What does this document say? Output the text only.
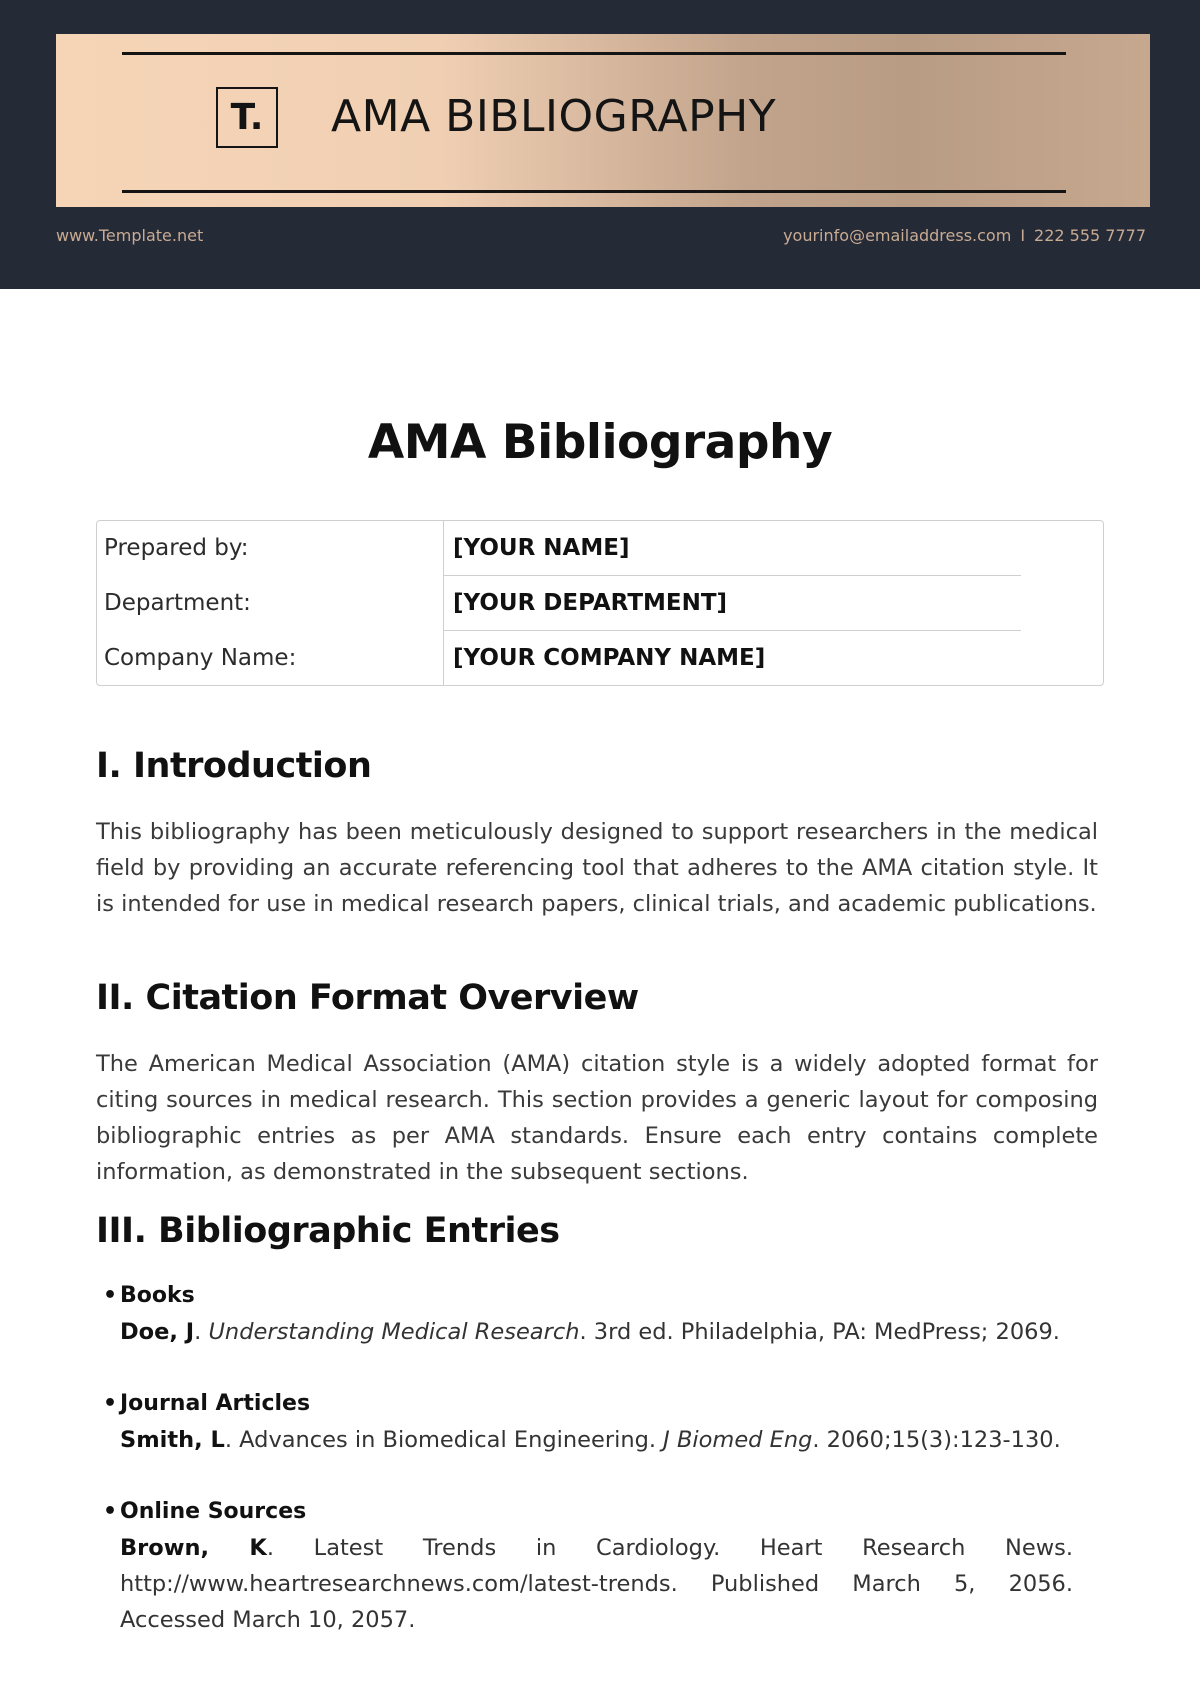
T. AMA BIBLIOGRAPHY
www.Template.net	yourinfo@emailaddress.com I 222 555 7777
AMA Bibliography
Prepared by:	[YOUR NAME]
Department:	[YOUR DEPARTMENT]
Company Name:	[YOUR COMPANY NAME]
I. Introduction

This bibliography has been meticulously designed to support researchers in the medical field by providing an accurate referencing tool that adheres to the AMA citation style. It is intended for use in medical research papers, clinical trials, and academic publications.

II. Citation Format Overview

The American Medical Association (AMA) citation style is a widely adopted format for citing sources in medical research. This section provides a generic layout for composing bibliographic entries as per AMA standards. Ensure each entry contains complete information, as demonstrated in the subsequent sections.

III. Bibliographic Entries
• Books
Doe, J. Understanding Medical Research. 3rd ed. Philadelphia, PA: MedPress; 2069.
• Journal Articles
Smith, L. Advances in Biomedical Engineering. J Biomed Eng. 2060;15(3):123-130.
• Online Sources
Brown, K. Latest Trends in Cardiology. Heart Research News. http://www.heartresearchnews.com/latest-trends. Published March 5, 2056. Accessed March 10, 2057.
